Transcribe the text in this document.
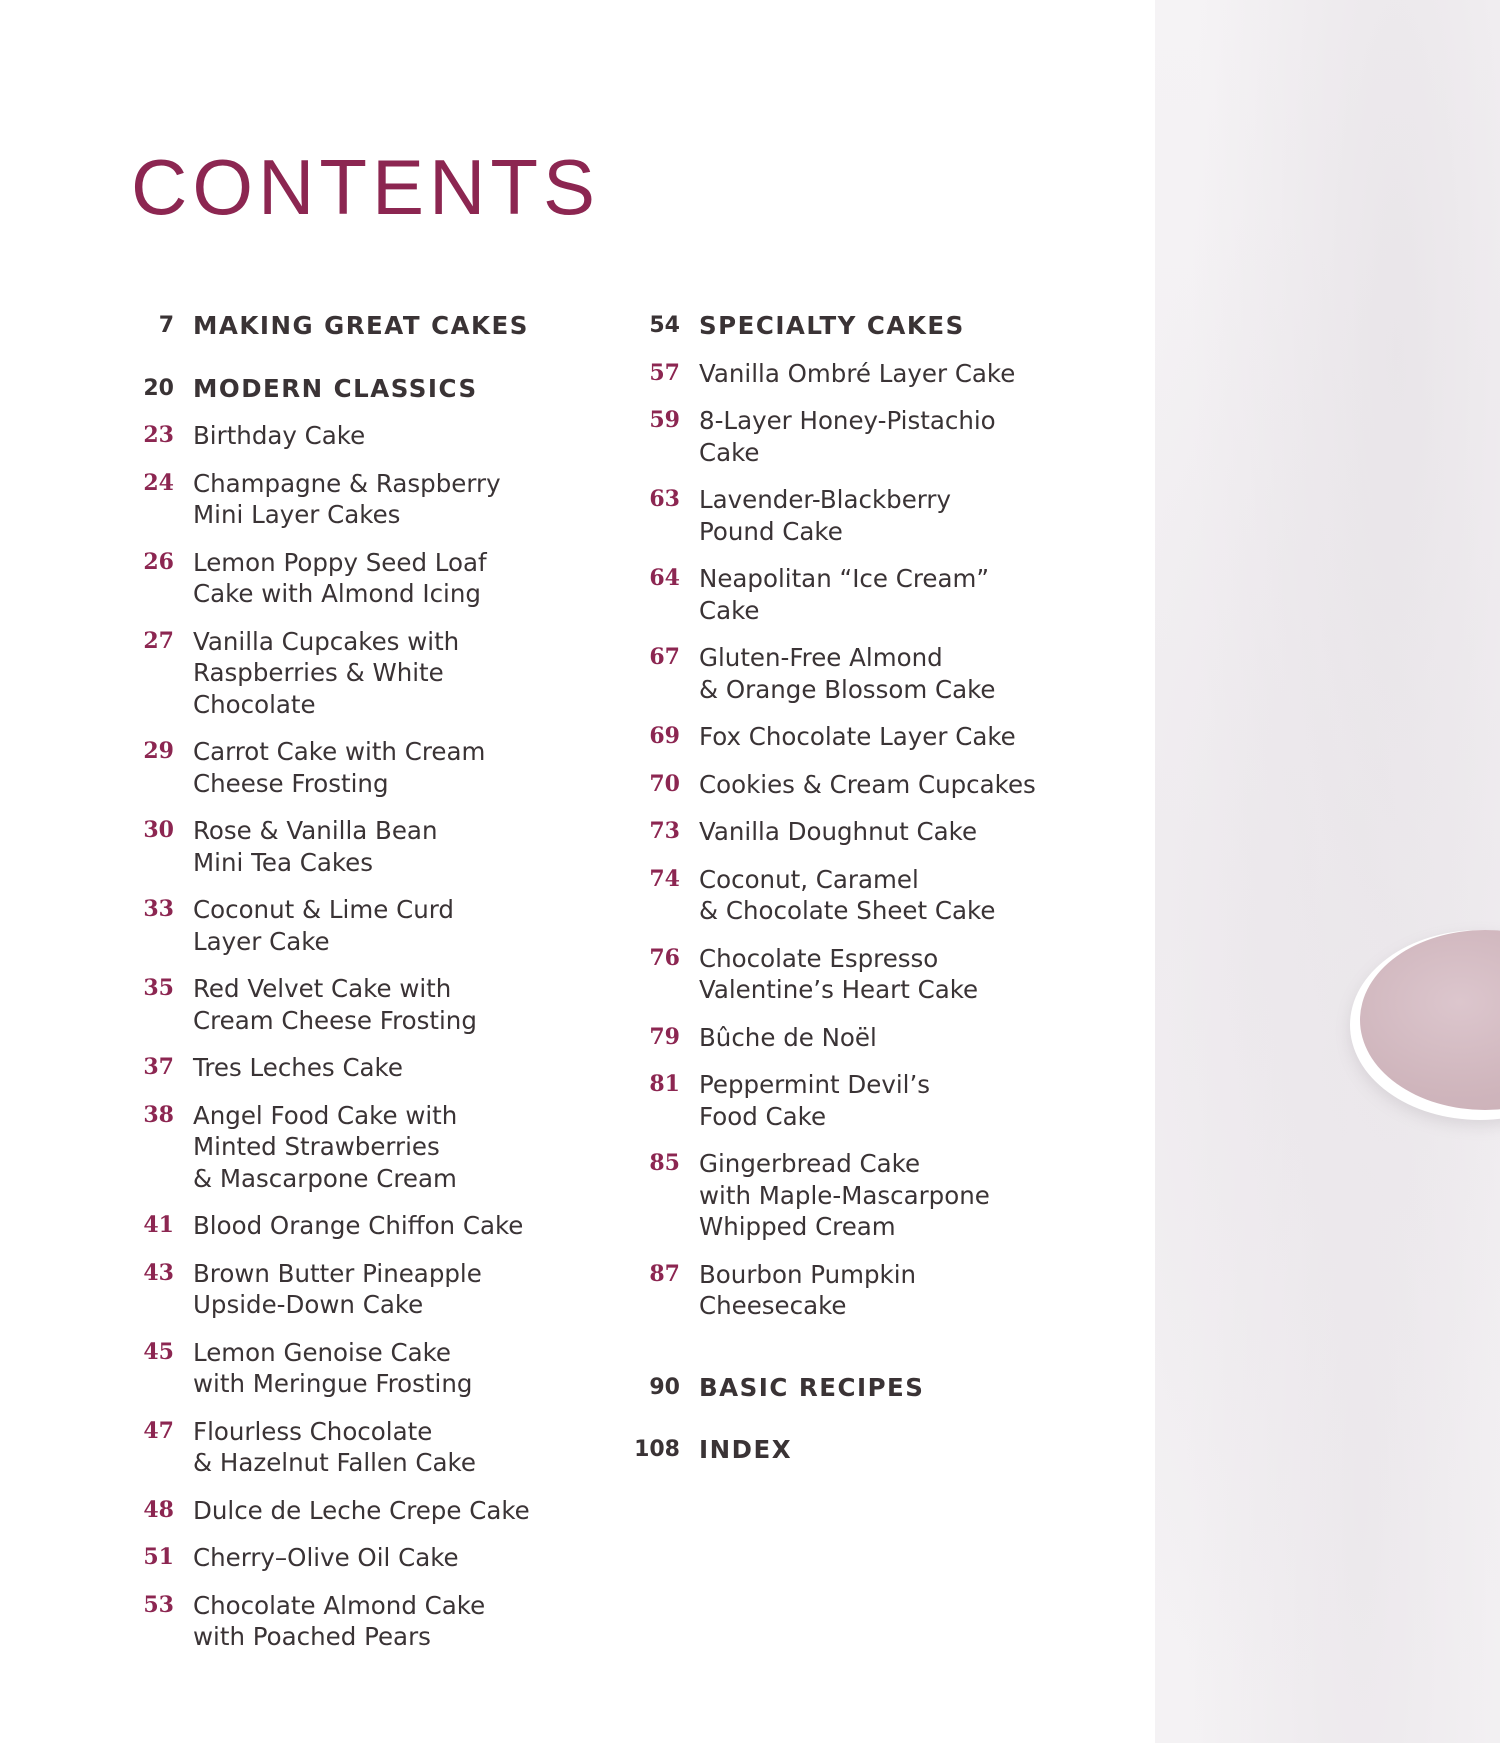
CONTENTS
7 MAKING GREAT CAKES
20 MODERN CLASSICS
23 Birthday Cake
24 Champagne & Raspberry
Mini Layer Cakes
26 Lemon Poppy Seed Loaf
Cake with Almond Icing
27 Vanilla Cupcakes with
Raspberries & White
Chocolate
29 Carrot Cake with Cream
Cheese Frosting
30 Rose & Vanilla Bean
Mini Tea Cakes
33 Coconut & Lime Curd
Layer Cake
35 Red Velvet Cake with
Cream Cheese Frosting
37 Tres Leches Cake
38 Angel Food Cake with
Minted Strawberries
& Mascarpone Cream
41 Blood Orange Chiffon Cake
43 Brown Butter Pineapple
Upside-Down Cake
45 Lemon Genoise Cake
with Meringue Frosting
47 Flourless Chocolate
& Hazelnut Fallen Cake
48 Dulce de Leche Crepe Cake
51 Cherry–Olive Oil Cake
53 Chocolate Almond Cake
with Poached Pears
54 SPECIALTY CAKES
57 Vanilla Ombré Layer Cake
59 8-Layer Honey-Pistachio
Cake
63 Lavender-Blackberry
Pound Cake
64 Neapolitan “Ice Cream”
Cake
67 Gluten-Free Almond
& Orange Blossom Cake
69 Fox Chocolate Layer Cake
70 Cookies & Cream Cupcakes
73 Vanilla Doughnut Cake
74 Coconut, Caramel
& Chocolate Sheet Cake
76 Chocolate Espresso
Valentine’s Heart Cake
79 Bûche de Noël
81 Peppermint Devil’s
Food Cake
85 Gingerbread Cake
with Maple-Mascarpone
Whipped Cream
87 Bourbon Pumpkin
Cheesecake
90 BASIC RECIPES
108 INDEX
